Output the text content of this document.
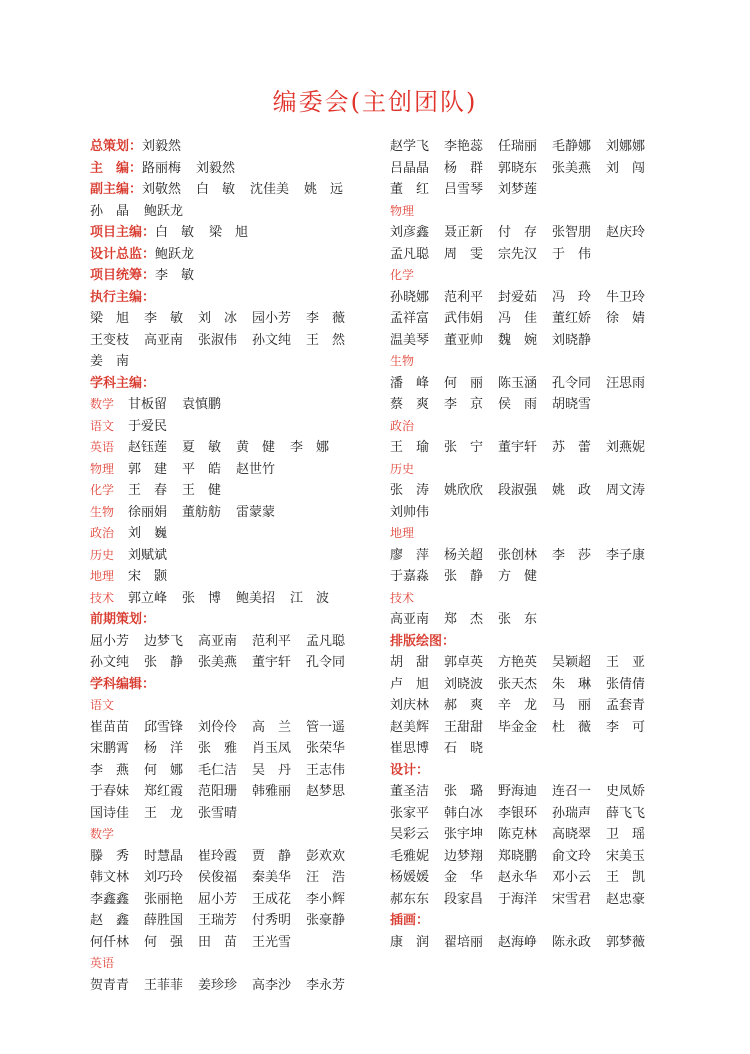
编委会(主创团队)
总策划：刘毅然
主　编：路丽梅 刘毅然
副主编：刘敬然 白　敏 沈佳美 姚　远
孙　晶 鲍跃龙
项目主编：白　敏 梁　旭
设计总监：鲍跃龙
项目统筹：李　敏
执行主编：
梁　旭 李　敏 刘　冰 园小芳 李　薇
王变枝 高亚南 张淑伟 孙文纯 王　然
姜　南
学科主编：
数学 甘板留 袁慎鹏
语文 于爱民
英语 赵钰莲 夏　敏 黄　健 李　娜
物理 郭　建 平　皓 赵世竹
化学 王　春 王　健
生物 徐丽娟 董舫舫 雷蒙蒙
政治 刘　巍
历史 刘赋斌
地理 宋　颢
技术 郭立峰 张　博 鲍美招 江　波
前期策划：
屈小芳 边梦飞 高亚南 范利平 孟凡聪
孙文纯 张　静 张美燕 董宇轩 孔令同
学科编辑：
语文
崔苗苗 邱雪锋 刘伶伶 高　兰 管一遥
宋鹏霄 杨　洋 张　雅 肖玉凤 张荣华
李　燕 何　娜 毛仁洁 吴　丹 王志伟
于春妹 郑红霞 范阳珊 韩雅丽 赵梦思
国诗佳 王　龙 张雪晴
数学
滕　秀 时慧晶 崔玲霞 贾　静 彭欢欢
韩文林 刘巧玲 侯俊福 秦美华 汪　浩
李鑫鑫 张丽艳 屈小芳 王成花 李小辉
赵　鑫 薛胜国 王瑞芳 付秀明 张豪静
何仟林 何　强 田　苗 王光雪
英语
贺青青 王菲菲 姜珍珍 高李沙 李永芳
赵学飞 李艳蕊 任瑞丽 毛静娜 刘娜娜
吕晶晶 杨　群 郭晓东 张美燕 刘　闯
董　红 吕雪琴 刘梦莲
物理
刘彦鑫 聂正新 付　存 张智朋 赵庆玲
孟凡聪 周　雯 宗先汉 于　伟
化学
孙晓娜 范利平 封爱茹 冯　玲 牛卫玲
孟祥富 武伟娟 冯　佳 董红娇 徐　婧
温美琴 董亚帅 魏　婉 刘晓静
生物
潘　峰 何　丽 陈玉涵 孔令同 汪思雨
蔡　爽 李　京 侯　雨 胡晓雪
政治
王　瑜 张　宁 董宇轩 苏　蕾 刘燕妮
历史
张　涛 姚欣欣 段淑强 姚　政 周文涛
刘帅伟
地理
廖　萍 杨关超 张创林 李　莎 李子康
于嘉淼 张　静 方　健
技术
高亚南 郑　杰 张　东
排版绘图：
胡　甜 郭卓英 方艳英 吴颖超 王　亚
卢　旭 刘晓波 张天杰 朱　琳 张倩倩
刘庆林 郝　爽 辛　龙 马　丽 孟套青
赵美辉 王甜甜 毕金金 杜　薇 李　可
崔思博 石　晓
设计：
董圣洁 张　璐 野海迪 连召一 史凤娇
张家平 韩白冰 李银环 孙瑞声 薛飞飞
吴彩云 张宇坤 陈克林 高晓翠 卫　瑶
毛雅妮 边梦翔 郑晓鹏 俞文玲 宋美玉
杨媛媛 金　华 赵永华 邓小云 王　凯
郝东东 段家昌 于海洋 宋雪君 赵忠豪
插画：
康　润 翟培丽 赵海峥 陈永政 郭梦薇
